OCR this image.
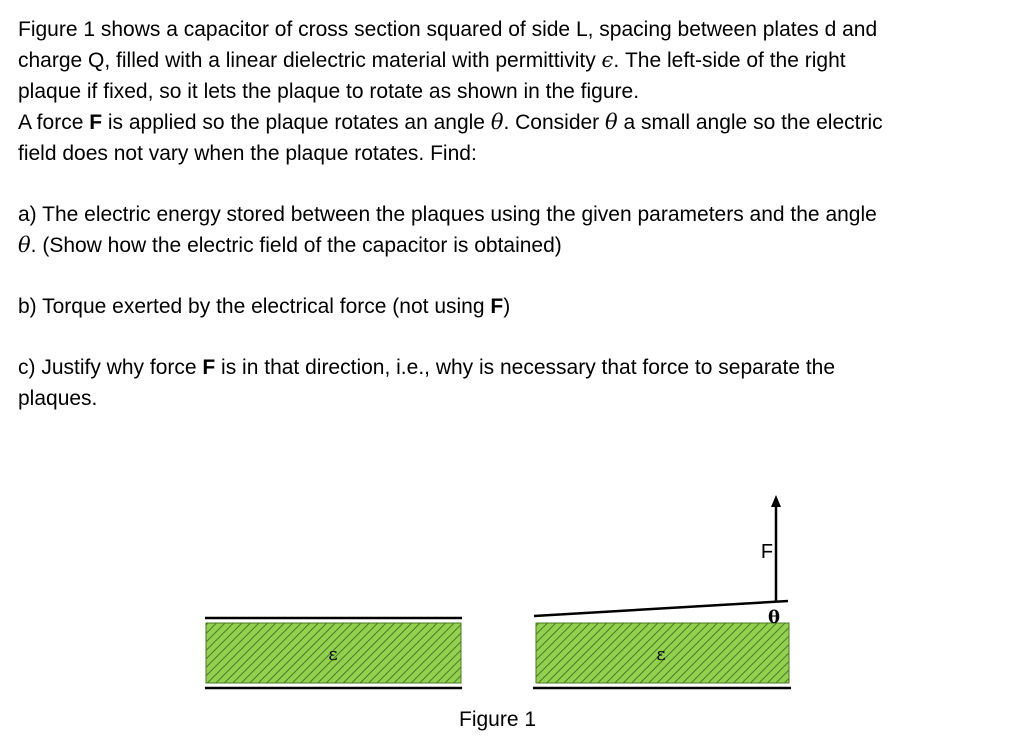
Figure 1 shows a capacitor of cross section squared of side L, spacing between plates d and

charge Q, filled with a linear dielectric material with permittivity ϵ. The left-side of the right

plaque if fixed, so it lets the plaque to rotate as shown in the figure.

A force F is applied so the plaque rotates an angle θ. Consider θ a small angle so the electric

field does not vary when the plaque rotates. Find:

a) The electric energy stored between the plaques using the given parameters and the angle

θ. (Show how the electric field of the capacitor is obtained)

b) Torque exerted by the electrical force (not using F)

c) Justify why force F is in that direction, i.e., why is necessary that force to separate the

plaques.

ε	ε
F
θ
Figure 1
